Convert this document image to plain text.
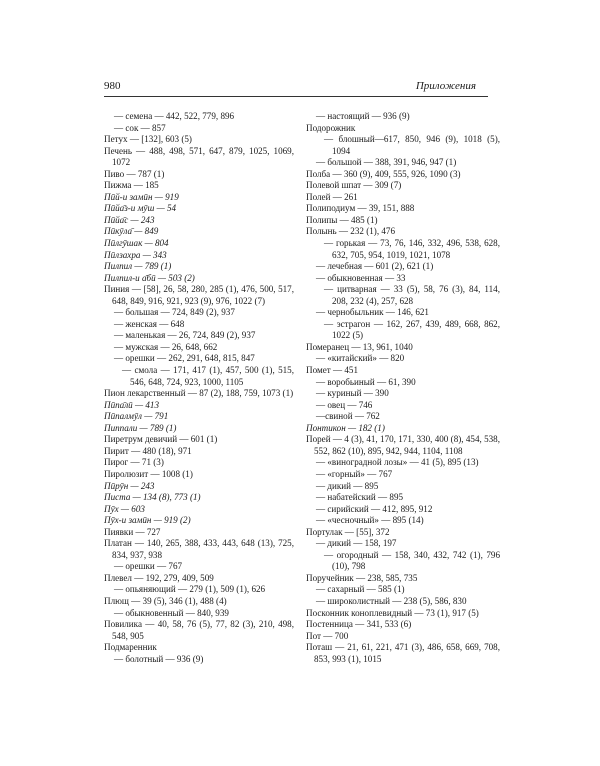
980	Приложения
— семена — 442, 522, 779, 896
— сок — 857
Петух — [132], 603 (5)
Печень — 488, 498, 571, 647, 879, 1025, 1069, 1072
Пиво — 787 (1)
Пижма — 185
Пӣй-и замӣн — 919
Пӣйа̄з-и мӯш — 54
Пӣйа̄с — 243
Пӣкӯла̄ — 849
Пӣлгӯшак — 804
Пӣлзахра — 343
Пилпил — 789 (1)
Пилпил-и а̄бӣ — 503 (2)
Пиния — [58], 26, 58, 280, 285 (1), 476, 500, 517, 648, 849, 916, 921, 923 (9), 976, 1022 (7)
— большая — 724, 849 (2), 937
— женская — 648
— маленькая — 26, 724, 849 (2), 937
— мужская — 26, 648, 662
— орешки — 262, 291, 648, 815, 847
— смола — 171, 417 (1), 457, 500 (1), 515, 546, 648, 724, 923, 1000, 1105
Пион лекарственный — 87 (2), 188, 759, 1073 (1)
Пӣпа̄лӣ — 413
Пӣпалмӯл — 791
Пиппали — 789 (1)
Пиретрум девичий — 601 (1)
Пирит — 480 (18), 971
Пирог — 71 (3)
Пиролюзит — 1008 (1)
Пӣрӯн — 243
Писта — 134 (8), 773 (1)
Пӯх — 603
Пӯх-и замӣн — 919 (2)
Пиявки — 727
Платан — 140, 265, 388, 433, 443, 648 (13), 725, 834, 937, 938
— орешки — 767
Плевел — 192, 279, 409, 509
— опьяняющий — 279 (1), 509 (1), 626
Плющ — 39 (5), 346 (1), 488 (4)
— обыкновенный — 840, 939
Повилика — 40, 58, 76 (5), 77, 82 (3), 210, 498, 548, 905
Подмаренник
— болотный — 936 (9)
— настоящий — 936 (9)
Подорожник
— блошный—617, 850, 946 (9), 1018 (5), 1094
— большой — 388, 391, 946, 947 (1)
Полба — 360 (9), 409, 555, 926, 1090 (3)
Полевой шпат — 309 (7)
Полей — 261
Полиподиум — 39, 151, 888
Полипы — 485 (1)
Полынь — 232 (1), 476
— горькая — 73, 76, 146, 332, 496, 538, 628, 632, 705, 954, 1019, 1021, 1078
— лечебная — 601 (2), 621 (1)
— обыкновенная — 33
— цитварная — 33 (5), 58, 76 (3), 84, 114, 208, 232 (4), 257, 628
— чернобыльник — 146, 621
— эстрагон — 162, 267, 439, 489, 668, 862, 1022 (5)
Померанец — 13, 961, 1040
— «китайский» — 820
Помет — 451
— воробьиный — 61, 390
— куриный — 390
— овец — 746
—свиной — 762
Понтикон — 182 (1)
Порей — 4 (3), 41, 170, 171, 330, 400 (8), 454, 538, 552, 862 (10), 895, 942, 944, 1104, 1108
— «виноградной лозы» — 41 (5), 895 (13)
— «горный» — 767
— дикий — 895
— набатейский — 895
— сирийский — 412, 895, 912
— «чесночный» — 895 (14)
Портулак — [55], 372
— дикий — 158, 197
— огородный — 158, 340, 432, 742 (1), 796 (10), 798
Поручейник — 238, 585, 735
— сахарный — 585 (1)
— широколистный — 238 (5), 586, 830
Посконник коноплевидный — 73 (1), 917 (5)
Постенница — 341, 533 (6)
Пот — 700
Поташ — 21, 61, 221, 471 (3), 486, 658, 669, 708, 853, 993 (1), 1015
